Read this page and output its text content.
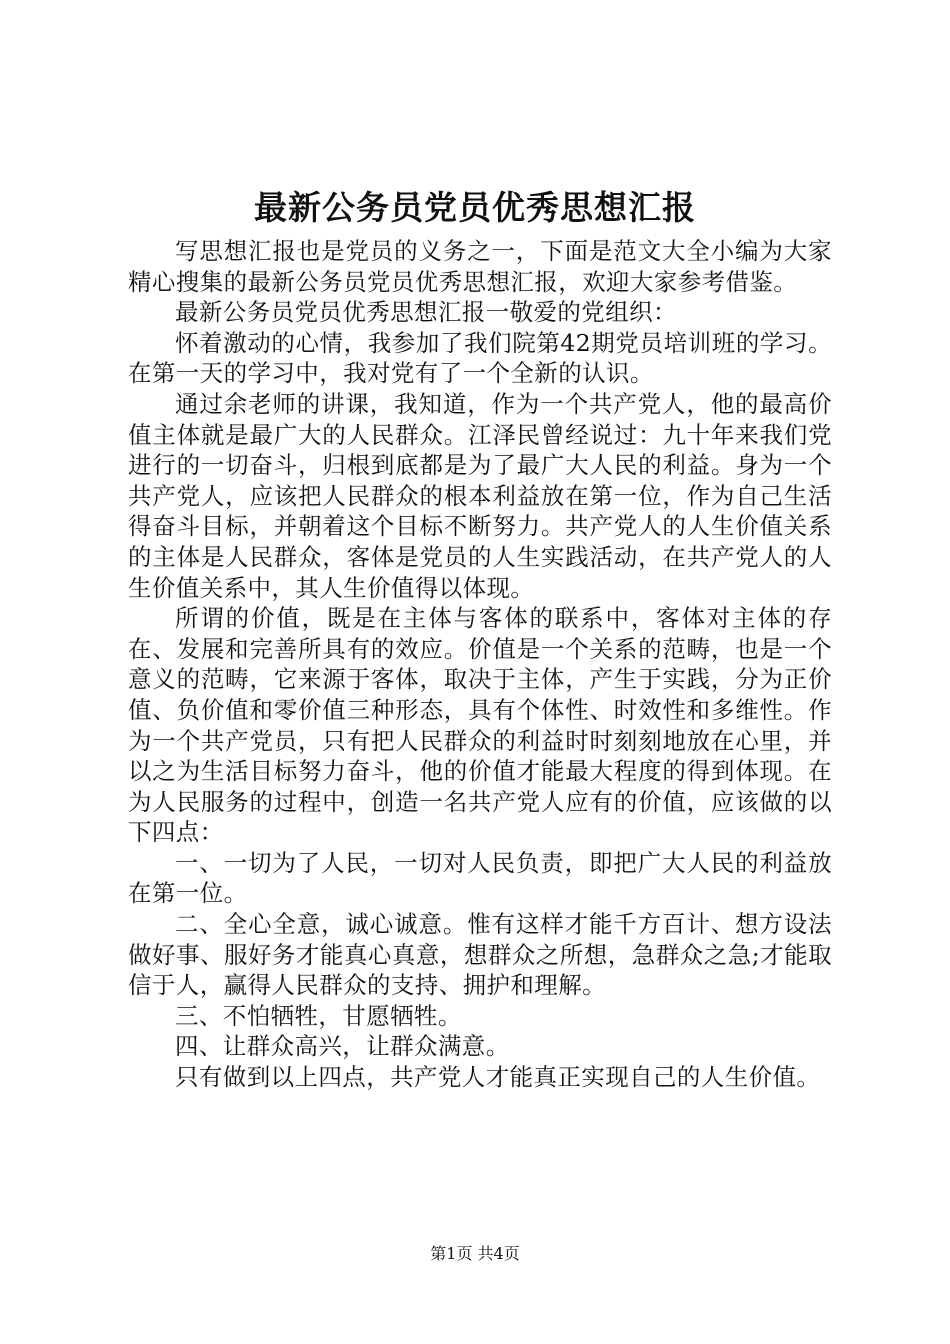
最新公务员党员优秀思想汇报

写思想汇报也是党员的义务之一，下面是范文大全小编为大家精心搜集的最新公务员党员优秀思想汇报，欢迎大家参考借鉴。

最新公务员党员优秀思想汇报一敬爱的党组织：

怀着激动的心情，我参加了我们院第42期党员培训班的学习。在第一天的学习中，我对党有了一个全新的认识。

通过余老师的讲课，我知道，作为一个共产党人，他的最高价值主体就是最广大的人民群众。江泽民曾经说过：九十年来我们党进行的一切奋斗，归根到底都是为了最广大人民的利益。身为一个共产党人，应该把人民群众的根本利益放在第一位，作为自己生活得奋斗目标，并朝着这个目标不断努力。共产党人的人生价值关系的主体是人民群众，客体是党员的人生实践活动，在共产党人的人生价值关系中，其人生价值得以体现。

所谓的价值，既是在主体与客体的联系中，客体对主体的存在、发展和完善所具有的效应。价值是一个关系的范畴，也是一个意义的范畴，它来源于客体，取决于主体，产生于实践，分为正价值、负价值和零价值三种形态，具有个体性、时效性和多维性。作为一个共产党员，只有把人民群众的利益时时刻刻地放在心里，并以之为生活目标努力奋斗，他的价值才能最大程度的得到体现。在为人民服务的过程中，创造一名共产党人应有的价值，应该做的以下四点：

一、一切为了人民，一切对人民负责，即把广大人民的利益放在第一位。

二、全心全意，诚心诚意。惟有这样才能千方百计、想方设法做好事、服好务才能真心真意，想群众之所想，急群众之急;才能取信于人，赢得人民群众的支持、拥护和理解。

三、不怕牺牲，甘愿牺牲。

四、让群众高兴，让群众满意。

只有做到以上四点，共产党人才能真正实现自己的人生价值。

第1页 共4页
